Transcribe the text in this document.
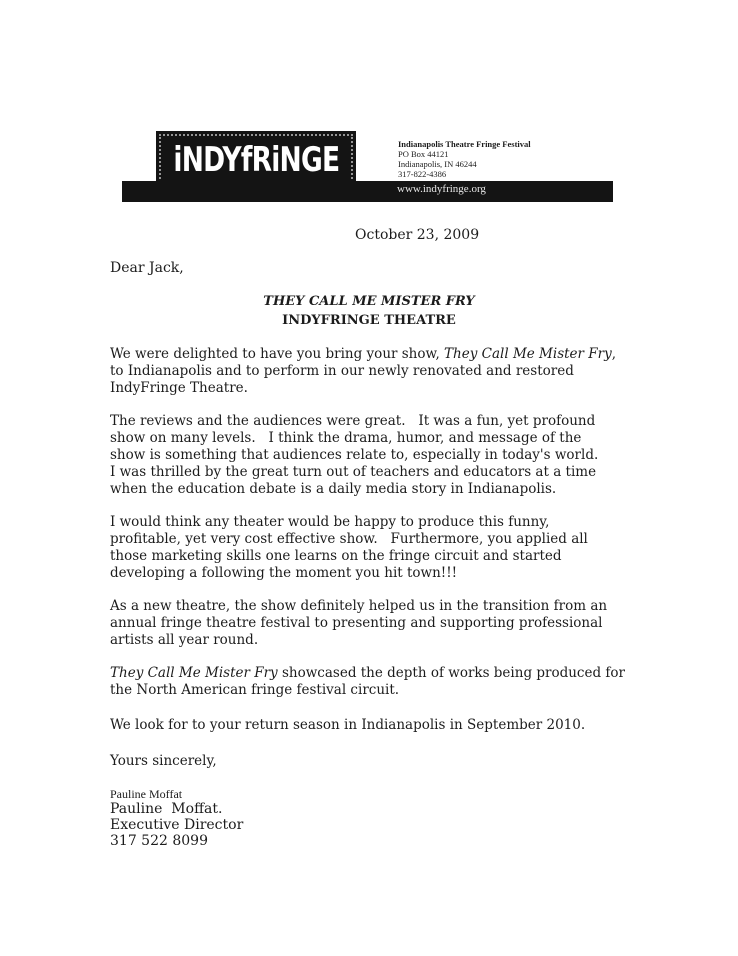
iNDYfRiNGE
www.indyfringe.org
Indianapolis Theatre Fringe Festival
PO Box 44121
Indianapolis, IN 46244
317-822-4386
October 23, 2009
Dear Jack,
THEY CALL ME MISTER FRY
INDYFRINGE THEATRE
We were delighted to have you bring your show, They Call Me Mister Fry,
to Indianapolis and to perform in our newly renovated and restored
IndyFringe Theatre.
The reviews and the audiences were great.   It was a fun, yet profound
show on many levels.   I think the drama, humor, and message of the
show is something that audiences relate to, especially in today's world.
I was thrilled by the great turn out of teachers and educators at a time
when the education debate is a daily media story in Indianapolis.
I would think any theater would be happy to produce this funny,
profitable, yet very cost effective show.   Furthermore, you applied all
those marketing skills one learns on the fringe circuit and started
developing a following the moment you hit town!!!
As a new theatre, the show definitely helped us in the transition from an
annual fringe theatre festival to presenting and supporting professional
artists all year round.
They Call Me Mister Fry showcased the depth of works being produced for
the North American fringe festival circuit.
We look for to your return season in Indianapolis in September 2010.
Yours sincerely,
Pauline Moffat
Pauline  Moffat.
Executive Director
317 522 8099
